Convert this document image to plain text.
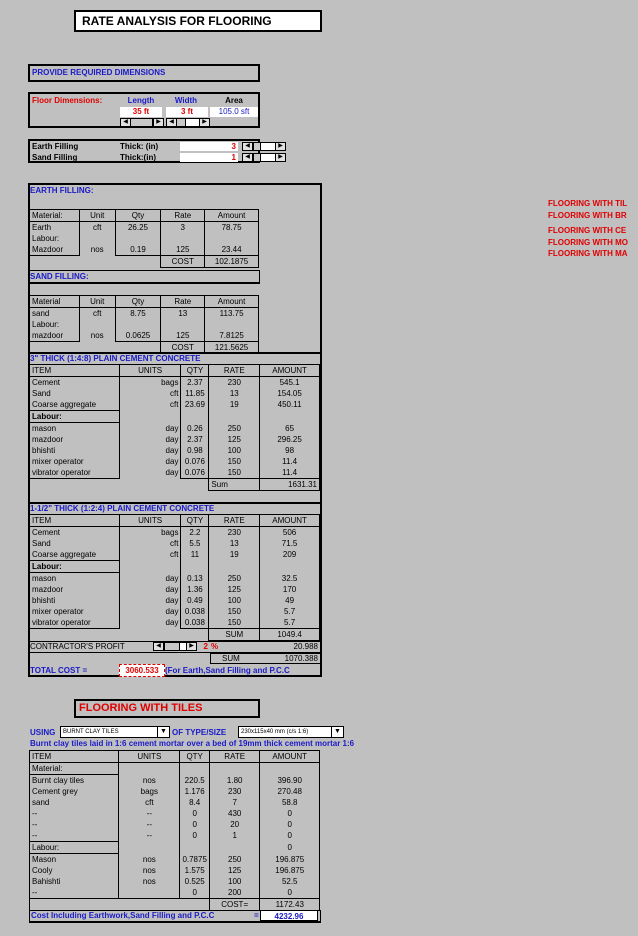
RATE ANALYSIS FOR FLOORING
PROVIDE REQUIRED DIMENSIONS
Floor Dimensions:	Length	Width	Area
35 ft	3 ft	105.0 sft
◀	▶	◀	▶
Earth Filling	Thick: (in)	3	◀	▶
Sand Filling	Thick:(in)	1	◀	▶
EARTH FILLING:
Material:	Unit	Qty	Rate	Amount
Earth	cft	26.25	3	78.75
Labour:				
Mazdoor	nos	0.19	125	23.44
			COST	102.1875
SAND FILLING:
Material	Unit	Qty	Rate	Amount
sand	cft	8.75	13	113.75
Labour:				
mazdoor	nos	0.0625	125	7.8125
			COST	121.5625
3" THICK (1:4:8) PLAIN CEMENT CONCRETE
ITEM	UNITS	QTY	RATE	AMOUNT
Cement	bags	2.37	230	545.1
Sand	cft	11.85	13	154.05
Coarse aggregate	cft	23.69	19	450.11
Labour:				
mason	day	0.26	250	65
mazdoor	day	2.37	125	296.25
bhishti	day	0.98	100	98
mixer operator	day	0.076	150	11.4
vibrator operator	day	0.076	150	11.4
			Sum	1631.31
1-1/2" THICK (1:2:4) PLAIN CEMENT CONCRETE
ITEM	UNITS	QTY	RATE	AMOUNT
Cement	bags	2.2	230	506
Sand	cft	5.5	13	71.5
Coarse aggregate	cft	11	19	209
Labour:				
mason	day	0.13	250	32.5
mazdoor	day	1.36	125	170
bhishti	day	0.49	100	49
mixer operator	day	0.038	150	5.7
vibrator operator	day	0.038	150	5.7
			SUM	1049.4
CONTRACTOR'S PROFIT	◀	▶	2 %	20.988
SUM	1070.388
TOTAL COST =	3060.533 (For Earth,Sand Filling and P.C.C
FLOORING WITH TIL
FLOORING WITH BR
FLOORING WITH CE
FLOORING WITH MO
FLOORING WITH MA
FLOORING WITH TILES
USING	BURNT CLAY TILES	▼ OF TYPE/SIZE	230x115x40 mm (c/s 1:6)	▼
Burnt clay tiles laid in 1:6 cement mortar over a bed of 19mm thick cement mortar 1:6
ITEM	UNITS	QTY	RATE	AMOUNT
Material:				
Burnt clay tiles	nos	220.5	1.80	396.90
Cement grey	bags	1.176	230	270.48
sand	cft	8.4	7	58.8
--	--	0	430	0
--	--	0	20	0
--	--	0	1	0
Labour:				0
Mason	nos	0.7875	250	196.875
Cooly	nos	1.575	125	196.875
Bahishti	nos	0.525	100	52.5
--		0	200	0
			COST=	1172.43
Cost Including Earthwork,Sand Filling and P.C.C	=	4232.96
